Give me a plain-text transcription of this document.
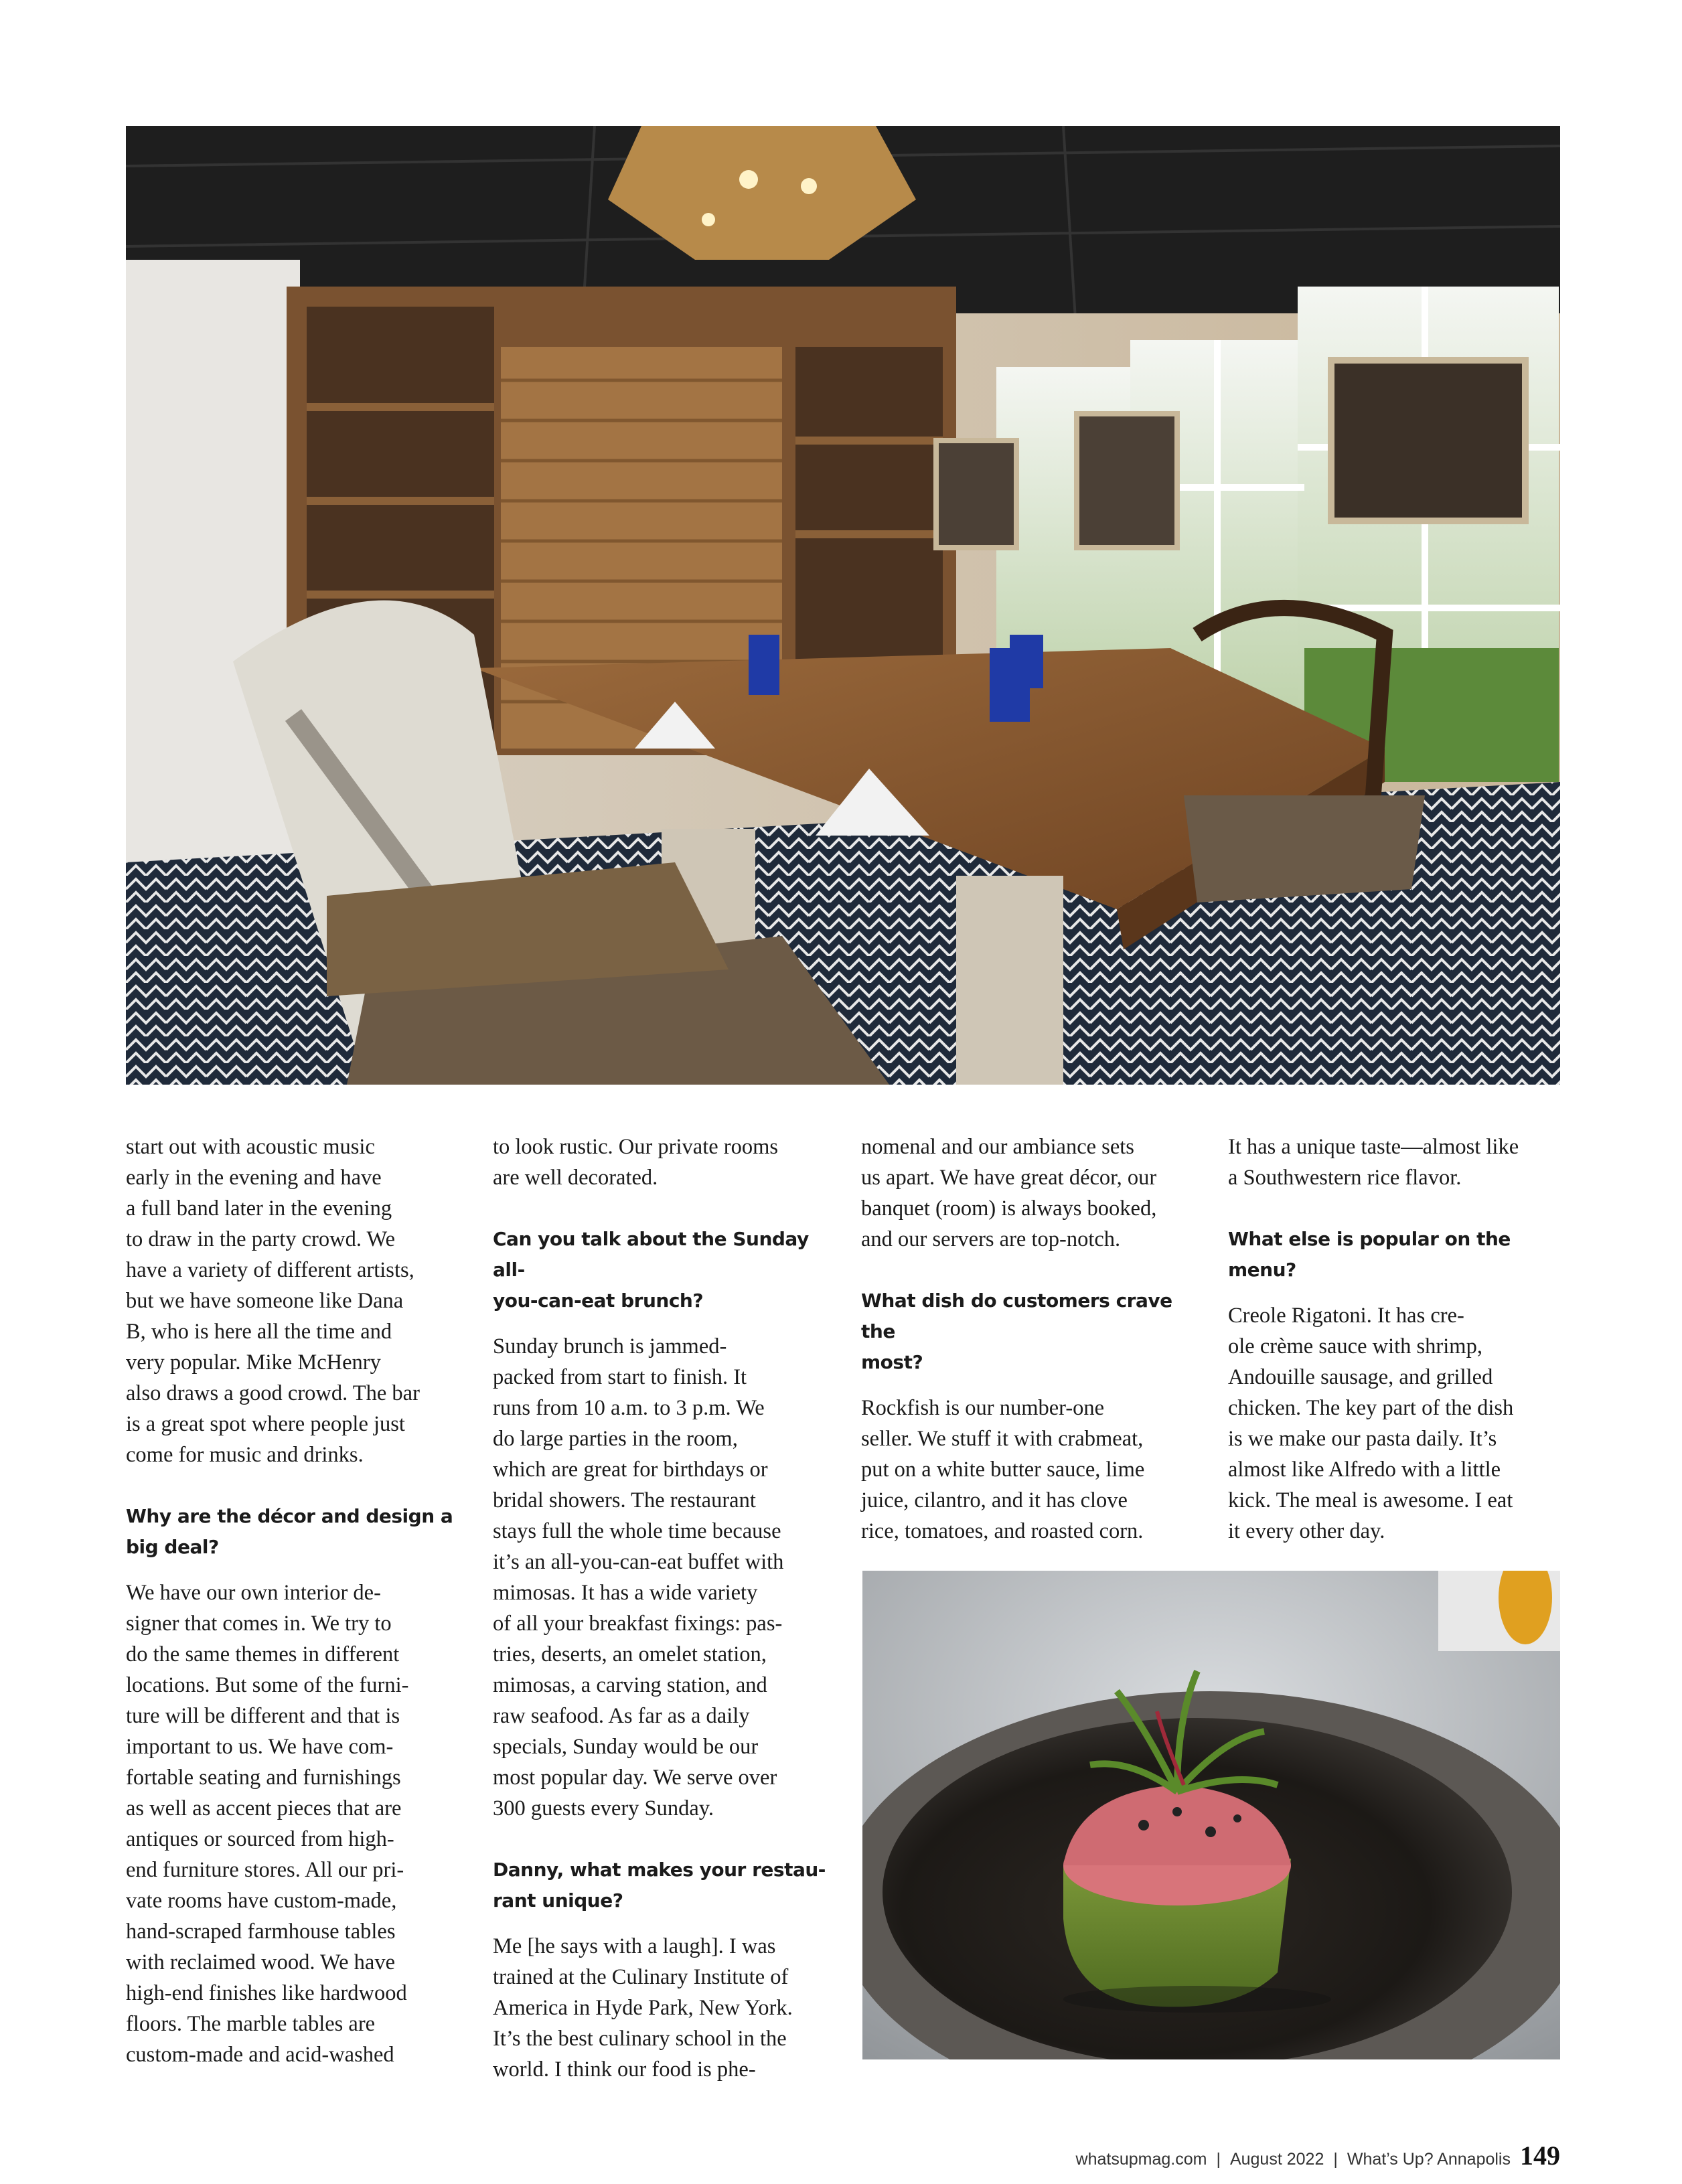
start out with acoustic music
early in the evening and have
a full band later in the evening
to draw in the party crowd. We
have a variety of different artists,
but we have someone like Dana
B, who is here all the time and
very popular. Mike McHenry
also draws a good crowd. The bar
is a great spot where people just
come for music and drinks.

Why are the décor and design a
big deal?

We have our own interior de-
signer that comes in. We try to
do the same themes in different
locations. But some of the furni-
ture will be different and that is
important to us. We have com-
fortable seating and furnishings
as well as accent pieces that are
antiques or sourced from high-
end furniture stores. All our pri-
vate rooms have custom-made,
hand-scraped farmhouse tables
with reclaimed wood. We have
high-end finishes like hardwood
floors. The marble tables are
custom-made and acid-washed

to look rustic. Our private rooms
are well decorated.

Can you talk about the Sunday all-
you-can-eat brunch?

Sunday brunch is jammed-
packed from start to finish. It
runs from 10 a.m. to 3 p.m. We
do large parties in the room,
which are great for birthdays or
bridal showers. The restaurant
stays full the whole time because
it’s an all-you-can-eat buffet with
mimosas. It has a wide variety
of all your breakfast fixings: pas-
tries, deserts, an omelet station,
mimosas, a carving station, and
raw seafood. As far as a daily
specials, Sunday would be our
most popular day. We serve over
300 guests every Sunday.

Danny, what makes your restau-
rant unique?

Me [he says with a laugh]. I was
trained at the Culinary Institute of
America in Hyde Park, New York.
It’s the best culinary school in the
world. I think our food is phe-

nomenal and our ambiance sets
us apart. We have great décor, our
banquet (room) is always booked,
and our servers are top-notch.

What dish do customers crave the
most?

Rockfish is our number-one
seller. We stuff it with crabmeat,
put on a white butter sauce, lime
juice, cilantro, and it has clove
rice, tomatoes, and roasted corn.

It has a unique taste—almost like
a Southwestern rice flavor.

What else is popular on the menu?

Creole Rigatoni. It has cre-
ole crème sauce with shrimp,
Andouille sausage, and grilled
chicken. The key part of the dish
is we make our pasta daily. It’s
almost like Alfredo with a little
kick. The meal is awesome. I eat
it every other day.

whatsupmag.com | August 2022 | What’s Up? Annapolis 149
